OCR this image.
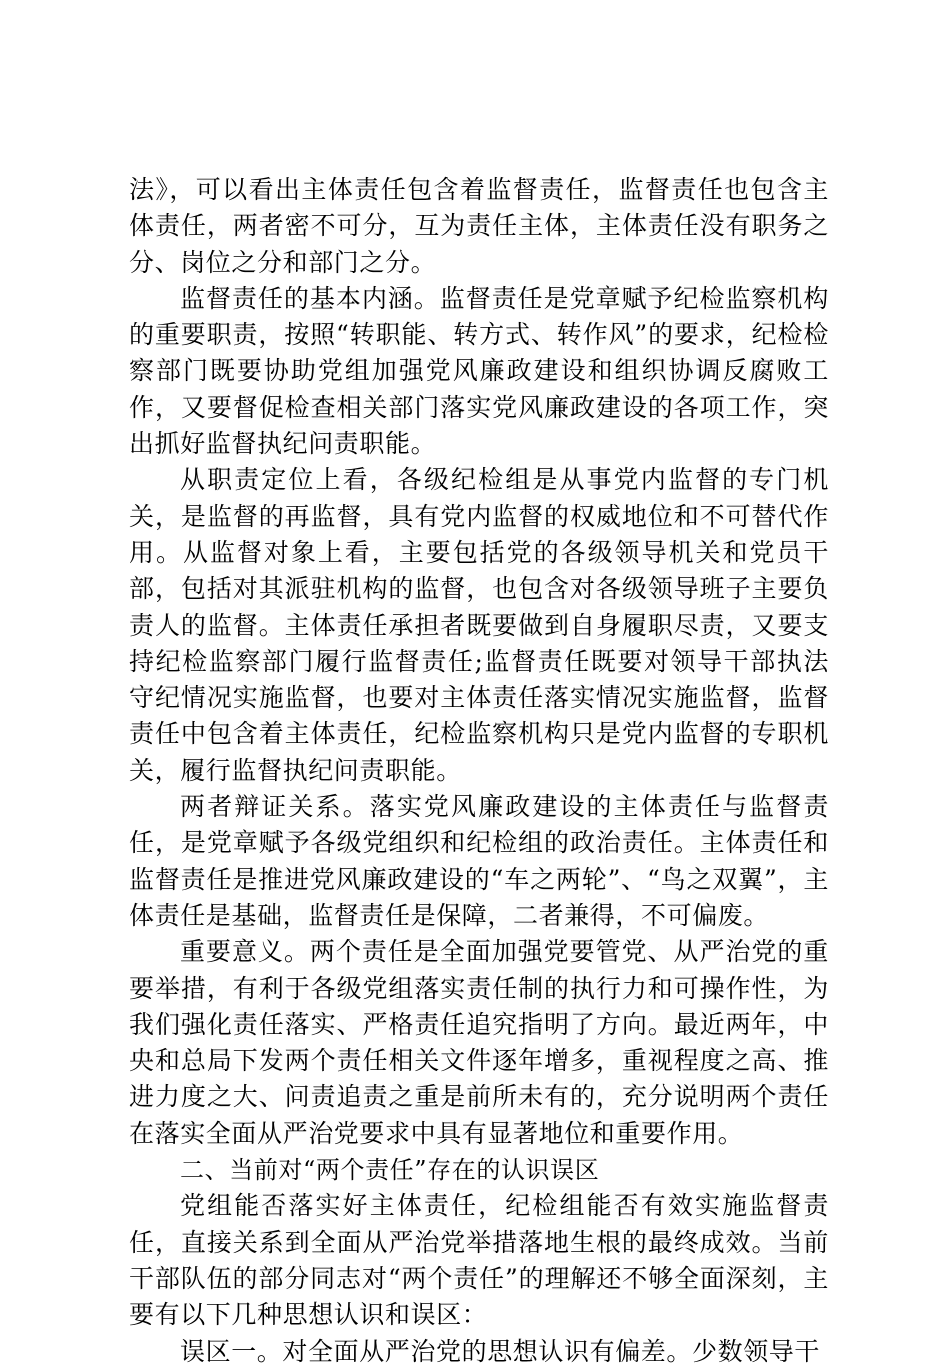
法》，可以看出主体责任包含着监督责任，监督责任也包含主体责任，两者密不可分，互为责任主体，主体责任没有职务之分、岗位之分和部门之分。

监督责任的基本内涵。监督责任是党章赋予纪检监察机构的重要职责，按照“转职能、转方式、转作风”的要求，纪检检察部门既要协助党组加强党风廉政建设和组织协调反腐败工作，又要督促检查相关部门落实党风廉政建设的各项工作，突出抓好监督执纪问责职能。

从职责定位上看，各级纪检组是从事党内监督的专门机关，是监督的再监督，具有党内监督的权威地位和不可替代作用。从监督对象上看，主要包括党的各级领导机关和党员干部，包括对其派驻机构的监督，也包含对各级领导班子主要负责人的监督。主体责任承担者既要做到自身履职尽责，又要支持纪检监察部门履行监督责任;监督责任既要对领导干部执法守纪情况实施监督，也要对主体责任落实情况实施监督，监督责任中包含着主体责任，纪检监察机构只是党内监督的专职机关，履行监督执纪问责职能。

两者辩证关系。落实党风廉政建设的主体责任与监督责任，是党章赋予各级党组织和纪检组的政治责任。主体责任和监督责任是推进党风廉政建设的“车之两轮”、“鸟之双翼”，主体责任是基础，监督责任是保障，二者兼得，不可偏废。

重要意义。两个责任是全面加强党要管党、从严治党的重要举措，有利于各级党组落实责任制的执行力和可操作性，为我们强化责任落实、严格责任追究指明了方向。最近两年，中央和总局下发两个责任相关文件逐年增多，重视程度之高、推进力度之大、问责追责之重是前所未有的，充分说明两个责任在落实全面从严治党要求中具有显著地位和重要作用。

二、当前对“两个责任”存在的认识误区

党组能否落实好主体责任，纪检组能否有效实施监督责任，直接关系到全面从严治党举措落地生根的最终成效。当前干部队伍的部分同志对“两个责任”的理解还不够全面深刻，主要有以下几种思想认识和误区：

误区一。对全面从严治党的思想认识有偏差。少数领导干
